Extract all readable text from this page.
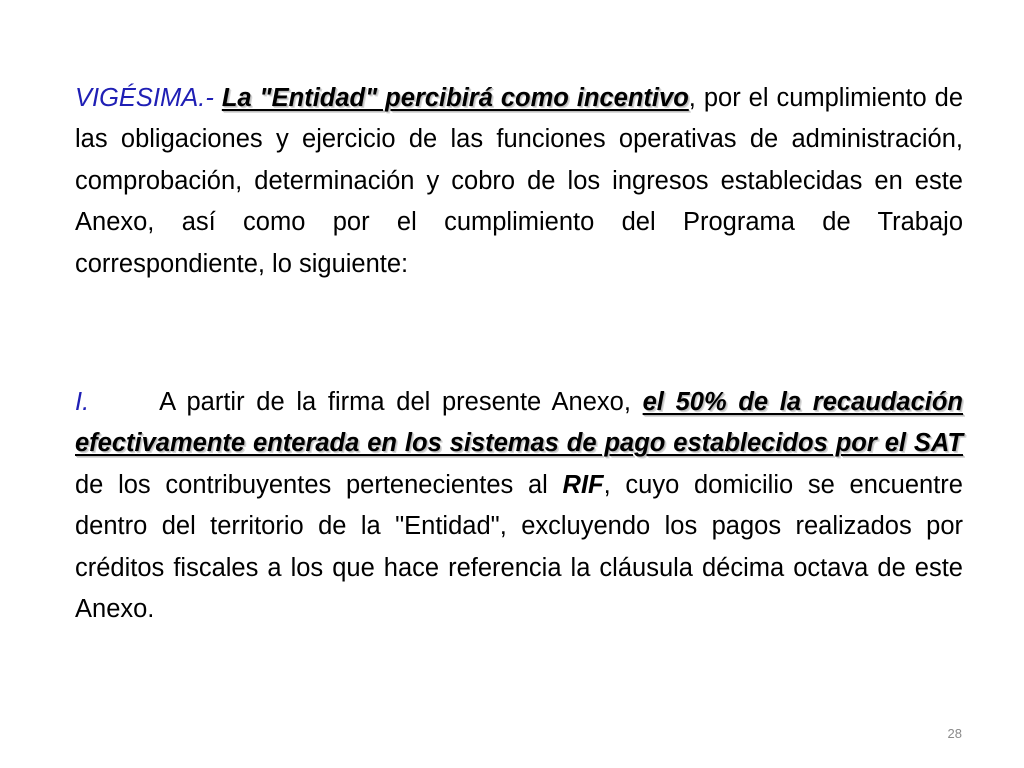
VIGÉSIMA.- La "Entidad" percibirá como incentivo, por el cumplimiento de las obligaciones y ejercicio de las funciones operativas de administración, comprobación, determinación y cobro de los ingresos establecidas en este Anexo, así como por el cumplimiento del Programa de Trabajo correspondiente, lo siguiente:

I.	A partir de la firma del presente Anexo, el 50% de la recaudación efectivamente enterada en los sistemas de pago establecidos por el SAT de los contribuyentes pertenecientes al RIF, cuyo domicilio se encuentre dentro del territorio de la "Entidad", excluyendo los pagos realizados por créditos fiscales a los que hace referencia la cláusula décima octava de este Anexo.

28
